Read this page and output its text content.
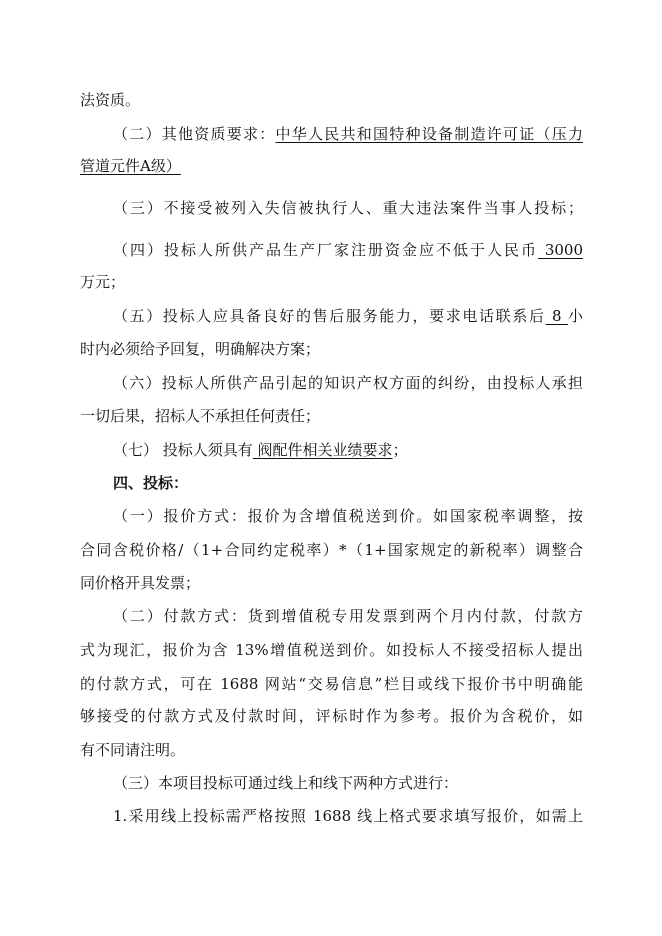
法资质。
（二）其他资质要求：中华人民共和国特种设备制造许可证（压力
管道元件A级）
（三）不接受被列入失信被执行人、重大违法案件当事人投标；
（四）投标人所供产品生产厂家注册资金应不低于人民币 3000
万元；
（五）投标人应具备良好的售后服务能力，要求电话联系后 8 小
时内必须给予回复，明确解决方案；
（六）投标人所供产品引起的知识产权方面的纠纷，由投标人承担
一切后果，招标人不承担任何责任；
（七） 投标人须具有 阀配件相关业绩要求；
四、投标：
（一）报价方式：报价为含增值税送到价。如国家税率调整，按
合同含税价格/（1+合同约定税率）*（1+国家规定的新税率）调整合
同价格开具发票；
（二）付款方式：货到增值税专用发票到两个月内付款，付款方
式为现汇，报价为含 13%增值税送到价。如投标人不接受招标人提出
的付款方式，可在 1688 网站“交易信息”栏目或线下报价书中明确能
够接受的付款方式及付款时间，评标时作为参考。报价为含税价，如
有不同请注明。
（三）本项目投标可通过线上和线下两种方式进行：
1.采用线上投标需严格按照 1688 线上格式要求填写报价，如需上
